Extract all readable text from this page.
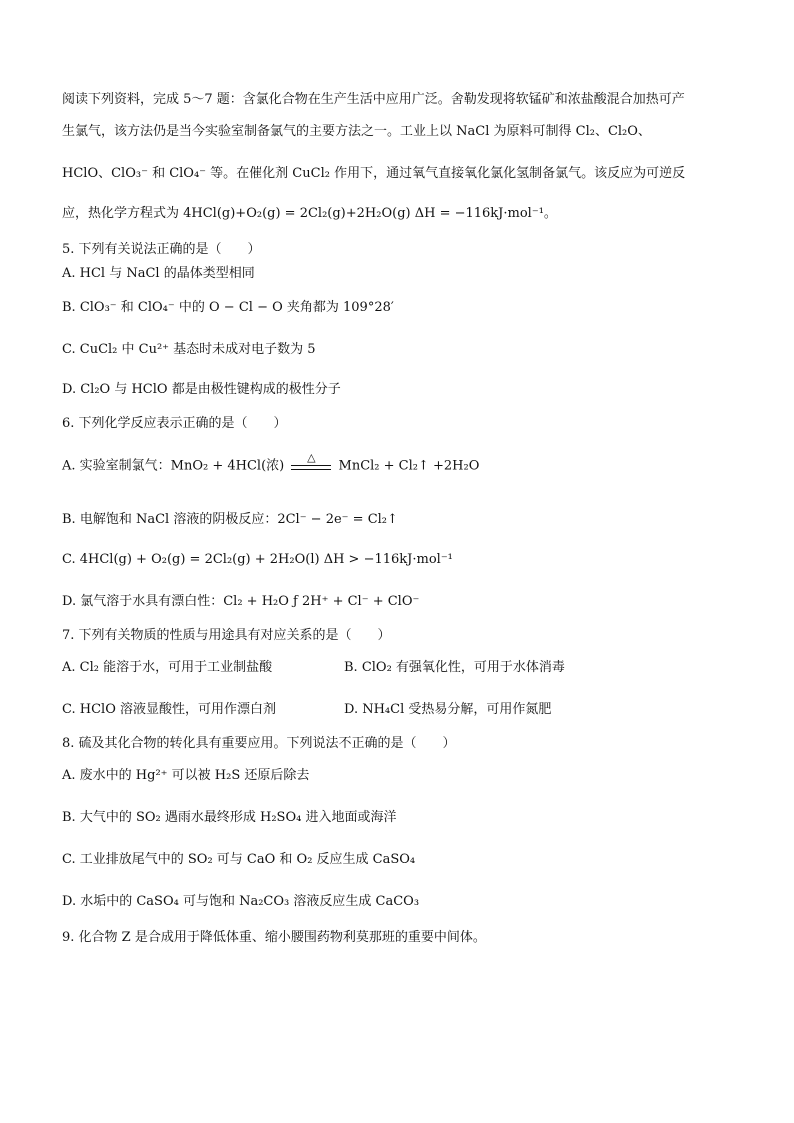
阅读下列资料，完成 5～7 题：含氯化合物在生产生活中应用广泛。舍勒发现将软锰矿和浓盐酸混合加热可产
生氯气，该方法仍是当今实验室制备氯气的主要方法之一。工业上以 NaCl 为原料可制得 Cl₂、Cl₂O、
HClO、ClO₃⁻ 和 ClO₄⁻ 等。在催化剂 CuCl₂ 作用下，通过氧气直接氧化氯化氢制备氯气。该反应为可逆反
应，热化学方程式为 4HCl(g)+O₂(g) = 2Cl₂(g)+2H₂O(g) ΔH = −116kJ·mol⁻¹。
5. 下列有关说法正确的是（　　）
A. HCl 与 NaCl 的晶体类型相同
B. ClO₃⁻ 和 ClO₄⁻ 中的 O − Cl − O 夹角都为 109°28′
C. CuCl₂ 中 Cu²⁺ 基态时未成对电子数为 5
D. Cl₂O 与 HClO 都是由极性键构成的极性分子
6. 下列化学反应表示正确的是（　　）
A. 实验室制氯气：MnO₂ + 4HCl(浓)
△
MnCl₂ + Cl₂↑ +2H₂O
B. 电解饱和 NaCl 溶液的阴极反应：2Cl⁻ − 2e⁻ = Cl₂↑
C. 4HCl(g) + O₂(g) = 2Cl₂(g) + 2H₂O(l) ΔH > −116kJ·mol⁻¹
D. 氯气溶于水具有漂白性：Cl₂ + H₂O ƒ 2H⁺ + Cl⁻ + ClO⁻
7. 下列有关物质的性质与用途具有对应关系的是（　　）
A. Cl₂ 能溶于水，可用于工业制盐酸	B. ClO₂ 有强氧化性，可用于水体消毒
C. HClO 溶液显酸性，可用作漂白剂	D. NH₄Cl 受热易分解，可用作氮肥
8. 硫及其化合物的转化具有重要应用。下列说法不正确的是（　　）
A. 废水中的 Hg²⁺ 可以被 H₂S 还原后除去
B. 大气中的 SO₂ 遇雨水最终形成 H₂SO₄ 进入地面或海洋
C. 工业排放尾气中的 SO₂ 可与 CaO 和 O₂ 反应生成 CaSO₄
D. 水垢中的 CaSO₄ 可与饱和 Na₂CO₃ 溶液反应生成 CaCO₃
9. 化合物 Z 是合成用于降低体重、缩小腰围药物利莫那班的重要中间体。
